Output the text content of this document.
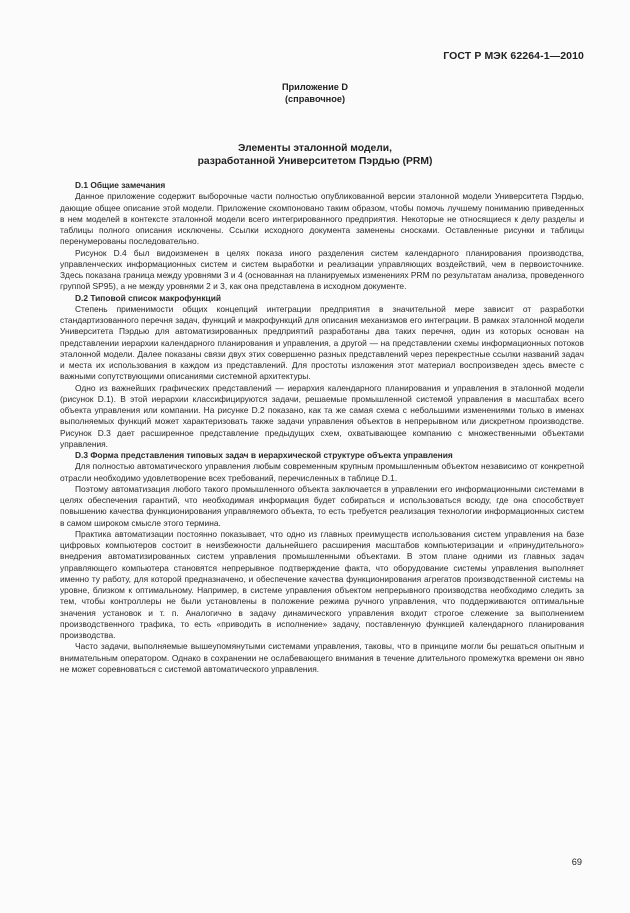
ГОСТ Р МЭК 62264-1—2010
Приложение D
(справочное)
Элементы эталонной модели,
разработанной Университетом Пэрдью (PRM)
D.1 Общие замечания

Данное приложение содержит выборочные части полностью опубликованной версии эталонной модели Университета Пэрдью, дающие общее описание этой модели. Приложение скомпоновано таким образом, чтобы помочь лучшему пониманию приведенных в нем моделей в контексте эталонной модели всего интегрированного предприятия. Некоторые не относящиеся к делу разделы и таблицы полного описания исключены. Ссылки исходного документа заменены сносками. Оставленные рисунки и таблицы перенумерованы последовательно.

Рисунок D.4 был видоизменен в целях показа иного разделения систем календарного планирования производства, управленческих информационных систем и систем выработки и реализации управляющих воздействий, чем в первоисточнике. Здесь показана граница между уровнями 3 и 4 (основанная на планируемых изменениях PRM по результатам анализа, проведенного группой SP95), а не между уровнями 2 и 3, как она представлена в исходном документе.

D.2 Типовой список макрофункций

Степень применимости общих концепций интеграции предприятия в значительной мере зависит от разработки стандартизованного перечня задач, функций и макрофункций для описания механизмов его интеграции. В рамках эталонной модели Университета Пэрдью для автоматизированных предприятий разработаны два таких перечня, один из которых основан на представлении иерархии календарного планирования и управления, а другой — на представлении схемы информационных потоков эталонной модели. Далее показаны связи двух этих совершенно разных представлений через перекрестные ссылки названий задач и места их использования в каждом из представлений. Для простоты изложения этот материал воспроизведен здесь вместе с важными сопутствующими описаниями системной архитектуры.

Одно из важнейших графических представлений — иерархия календарного планирования и управления в эталонной модели (рисунок D.1). В этой иерархии классифицируются задачи, решаемые промышленной системой управления в масштабах всего объекта управления или компании. На рисунке D.2 показано, как та же самая схема с небольшими изменениями только в именах выполняемых функций может характеризовать также задачи управления объектов в непрерывном или дискретном производстве. Рисунок D.3 дает расширенное представление предыдущих схем, охватывающее компанию с множественными объектами управления.

D.3 Форма представления типовых задач в иерархической структуре объекта управления

Для полностью автоматического управления любым современным крупным промышленным объектом независимо от конкретной отрасли необходимо удовлетворение всех требований, перечисленных в таблице D.1.

Поэтому автоматизация любого такого промышленного объекта заключается в управлении его информационными системами в целях обеспечения гарантий, что необходимая информация будет собираться и использоваться всюду, где она способствует повышению качества функционирования управляемого объекта, то есть требуется реализация технологии информационных систем в самом широком смысле этого термина.

Практика автоматизации постоянно показывает, что одно из главных преимуществ использования систем управления на базе цифровых компьютеров состоит в неизбежности дальнейшего расширения масштабов компьютеризации и «принудительного» внедрения автоматизированных систем управления промышленными объектами. В этом плане одними из главных задач управляющего компьютера становятся непрерывное подтверждение факта, что оборудование системы управления выполняет именно ту работу, для которой предназначено, и обеспечение качества функционирования агрегатов производственной системы на уровне, близком к оптимальному. Например, в системе управления объектом непрерывного производства необходимо следить за тем, чтобы контроллеры не были установлены в положение режима ручного управления, что поддерживаются оптимальные значения установок и т. п. Аналогично в задачу динамического управления входит строгое слежение за выполнением производственного трафика, то есть «приводить в исполнение» задачу, поставленную функцией календарного планирования производства.

Часто задачи, выполняемые вышеупомянутыми системами управления, таковы, что в принципе могли бы решаться опытным и внимательным оператором. Однако в сохранении не ослабевающего внимания в течение длительного промежутка времени он явно не может соревноваться с системой автоматического управления.

69
